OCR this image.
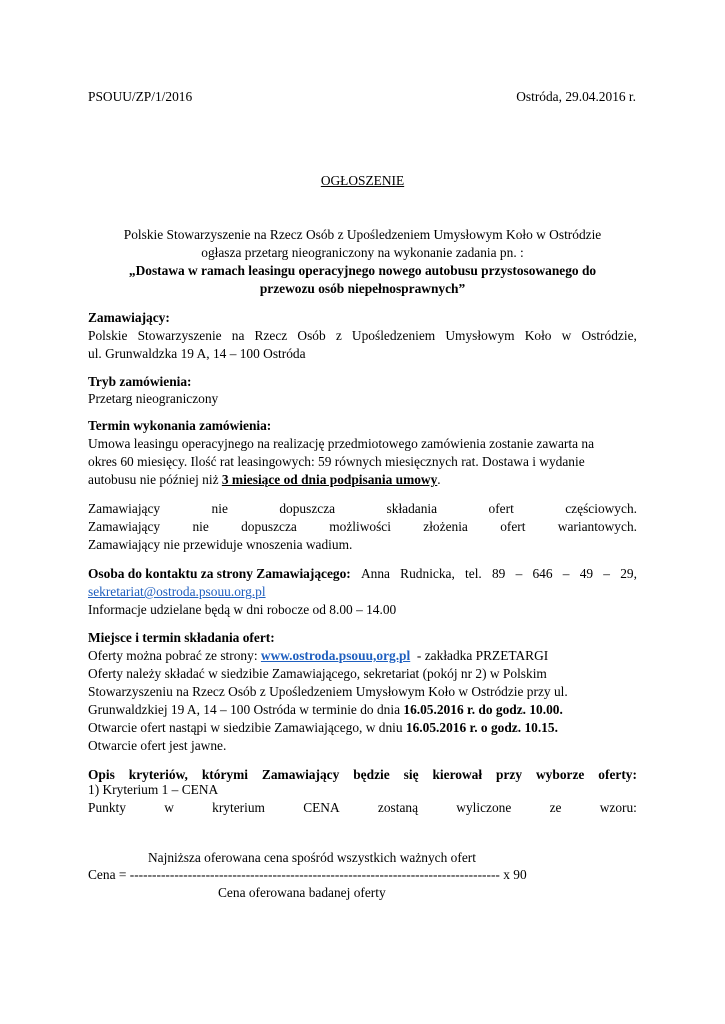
PSOUU/ZP/1/2016	Ostróda, 29.04.2016 r.
OGŁOSZENIE
Polskie Stowarzyszenie na Rzecz Osób z Upośledzeniem Umysłowym Koło w Ostródzie
ogłasza przetarg nieograniczony na wykonanie zadania pn. :
„Dostawa w ramach leasingu operacyjnego nowego autobusu przystosowanego do
przewozu osób niepełnosprawnych”
Zamawiający:
Polskie Stowarzyszenie na Rzecz Osób z Upośledzeniem Umysłowym Koło w Ostródzie,
ul. Grunwaldzka 19 A, 14 – 100 Ostróda
Tryb zamówienia:
Przetarg nieograniczony
Termin wykonania zamówienia:
Umowa leasingu operacyjnego na realizację przedmiotowego zamówienia zostanie zawarta na
okres 60 miesięcy. Ilość rat leasingowych: 59 równych miesięcznych rat. Dostawa i wydanie
autobusu nie później niż 3 miesiące od dnia podpisania umowy.
Zamawiający	nie	dopuszcza	składania	ofert	częściowych.
Zamawiający nie dopuszcza możliwości złożenia ofert wariantowych.
Zamawiający nie przewiduje wnoszenia wadium.
Osoba do kontaktu za strony Zamawiającego: Anna Rudnicka, tel. 89 – 646 – 49 – 29,
sekretariat@ostroda.psouu.org.pl
Informacje udzielane będą w dni robocze od 8.00 – 14.00
Miejsce i termin składania ofert:
Oferty można pobrać ze strony: www.ostroda.psouu,org.pl  - zakładka PRZETARGI
Oferty należy składać w siedzibie Zamawiającego, sekretariat (pokój nr 2) w Polskim
Stowarzyszeniu na Rzecz Osób z Upośledzeniem Umysłowym Koło w Ostródzie przy ul.
Grunwaldzkiej 19 A, 14 – 100 Ostróda w terminie do dnia 16.05.2016 r. do godz. 10.00.
Otwarcie ofert nastąpi w siedzibie Zamawiającego, w dniu 16.05.2016 r. o godz. 10.15.
Otwarcie ofert jest jawne.
Opis kryteriów, którymi Zamawiający będzie się kierował przy wyborze oferty:
1) Kryterium 1 – CENA
Punkty	w	kryterium	CENA	zostaną	wyliczone	ze	wzoru:
Najniższa oferowana cena spośród wszystkich ważnych ofert
Cena = ----------------------------------------------------------------------------------- x 90
Cena oferowana badanej oferty
